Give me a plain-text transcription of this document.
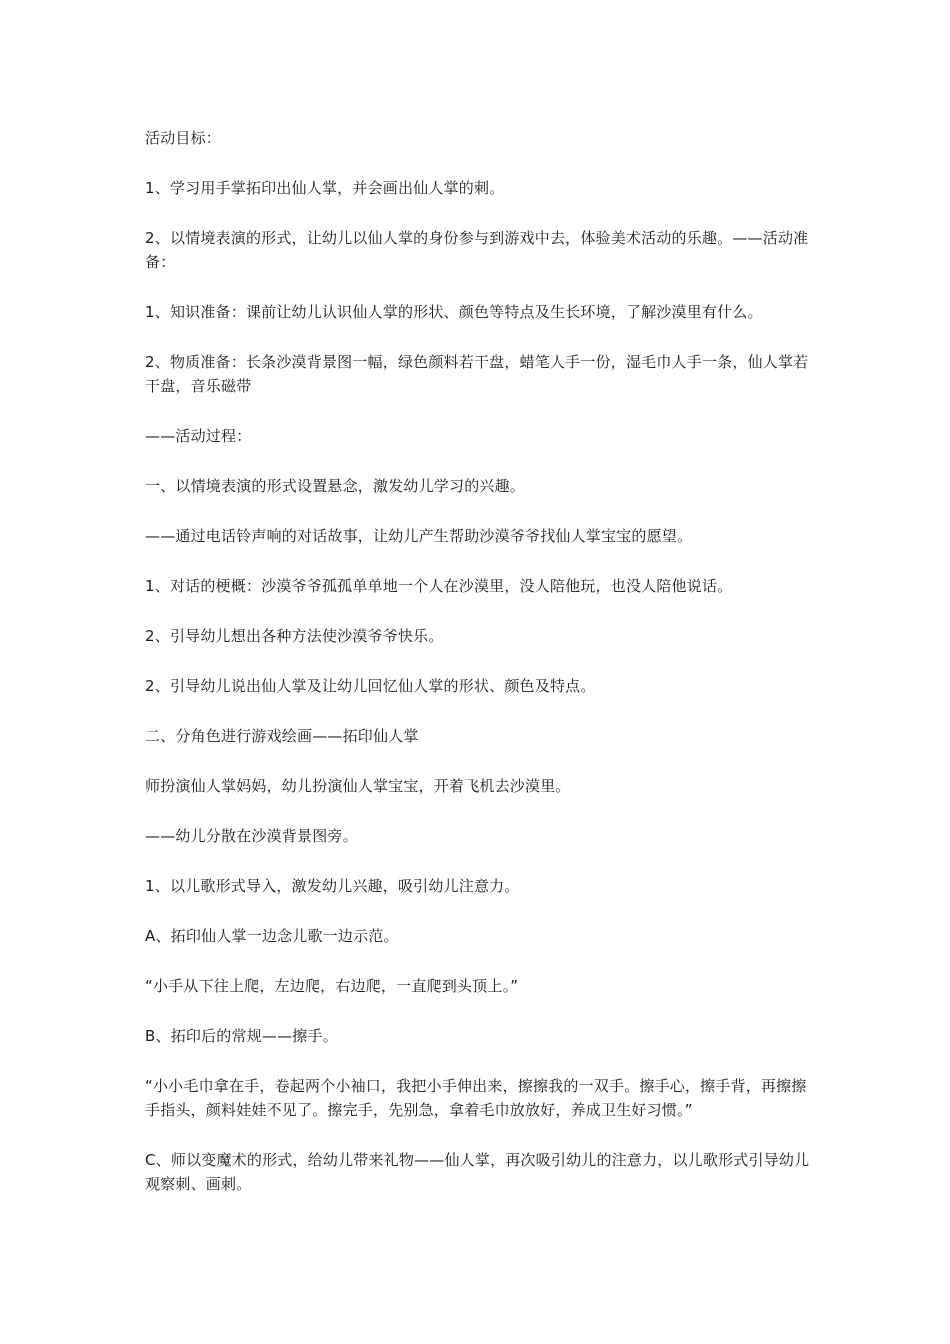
活动目标：

1、学习用手掌拓印出仙人掌，并会画出仙人掌的刺。

2、以情境表演的形式，让幼儿以仙人掌的身份参与到游戏中去，体验美术活动的乐趣。——活动准备：

1、知识准备：课前让幼儿认识仙人掌的形状、颜色等特点及生长环境，了解沙漠里有什么。

2、物质准备：长条沙漠背景图一幅，绿色颜料若干盘，蜡笔人手一份，湿毛巾人手一条，仙人掌若干盘，音乐磁带

——活动过程：

一、以情境表演的形式设置悬念，激发幼儿学习的兴趣。

——通过电话铃声响的对话故事，让幼儿产生帮助沙漠爷爷找仙人掌宝宝的愿望。

1、对话的梗概：沙漠爷爷孤孤单单地一个人在沙漠里，没人陪他玩，也没人陪他说话。

2、引导幼儿想出各种方法使沙漠爷爷快乐。

2、引导幼儿说出仙人掌及让幼儿回忆仙人掌的形状、颜色及特点。

二、分角色进行游戏绘画——拓印仙人掌

师扮演仙人掌妈妈，幼儿扮演仙人掌宝宝，开着飞机去沙漠里。

——幼儿分散在沙漠背景图旁。

1、以儿歌形式导入，激发幼儿兴趣，吸引幼儿注意力。

A、拓印仙人掌一边念儿歌一边示范。

“小手从下往上爬，左边爬，右边爬，一直爬到头顶上。”

B、拓印后的常规——擦手。

“小小毛巾拿在手，卷起两个小袖口，我把小手伸出来，擦擦我的一双手。擦手心，擦手背，再擦擦手指头，颜料娃娃不见了。擦完手，先别急，拿着毛巾放放好，养成卫生好习惯。”

C、师以变魔术的形式，给幼儿带来礼物——仙人掌，再次吸引幼儿的注意力，以儿歌形式引导幼儿观察刺、画刺。
